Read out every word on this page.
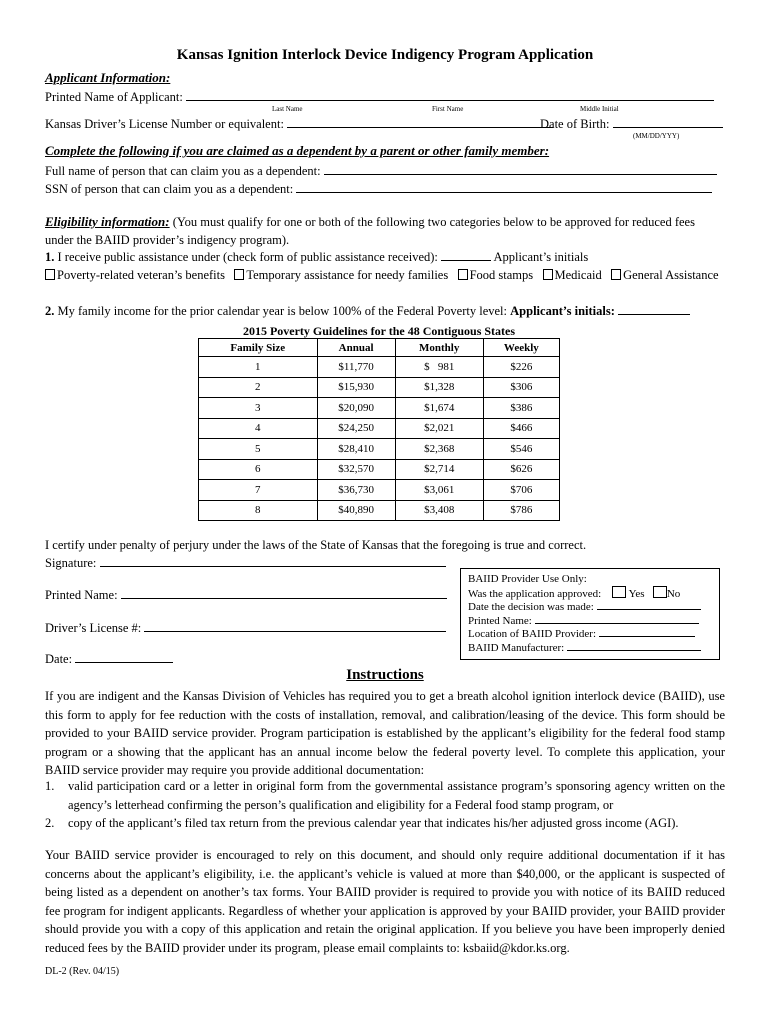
Kansas Ignition Interlock Device Indigency Program Application
Applicant Information:
Printed Name of Applicant:
Last Name	First Name	Middle Initial
Kansas Driver’s License Number or equivalent:	Date of Birth:
(MM/DD/YYY)
Complete the following if you are claimed as a dependent by a parent or other family member:
Full name of person that can claim you as a dependent:
SSN of person that can claim you as a dependent:
Eligibility information: (You must qualify for one or both of the following two categories below to be approved for reduced fees
under the BAIID provider’s indigency program).
1. I receive public assistance under (check form of public assistance received):	Applicant’s initials
Poverty-related veteran’s benefits Temporary assistance for needy families Food stamps Medicaid General Assistance
2. My family income for the prior calendar year is below 100% of the Federal Poverty level: Applicant’s initials:
2015 Poverty Guidelines for the 48 Contiguous States
Family Size	Annual	Monthly	Weekly
1	$11,770	$   981	$226
2	$15,930	$1,328	$306
3	$20,090	$1,674	$386
4	$24,250	$2,021	$466
5	$28,410	$2,368	$546
6	$32,570	$2,714	$626
7	$36,730	$3,061	$706
8	$40,890	$3,408	$786
I certify under penalty of perjury under the laws of the State of Kansas that the foregoing is true and correct.
Signature:
Printed Name:
Driver’s License #:
Date:
BAIID Provider Use Only:
Was the application approved: Yes No
Date the decision was made:
Printed Name:
Location of BAIID Provider:
BAIID Manufacturer:
Instructions
If you are indigent and the Kansas Division of Vehicles has required you to get a breath alcohol ignition interlock device (BAIID), use this form to apply for fee reduction with the costs of installation, removal, and calibration/leasing of the device. This form should be provided to your BAIID service provider. Program participation is established by the applicant’s eligibility for the federal food stamp program or a showing that the applicant has an annual income below the federal poverty level. To complete this application, your BAIID service provider may require you provide additional documentation:
1. valid participation card or a letter in original form from the governmental assistance program’s sponsoring agency written on the agency’s letterhead confirming the person’s qualification and eligibility for a Federal food stamp program, or
2. copy of the applicant’s filed tax return from the previous calendar year that indicates his/her adjusted gross income (AGI).
Your BAIID service provider is encouraged to rely on this document, and should only require additional documentation if it has concerns about the applicant’s eligibility, i.e. the applicant’s vehicle is valued at more than $40,000, or the applicant is suspected of being listed as a dependent on another’s tax forms. Your BAIID provider is required to provide you with notice of its BAIID reduced fee program for indigent applicants. Regardless of whether your application is approved by your BAIID provider, your BAIID provider should provide you with a copy of this application and retain the original application. If you believe you have been improperly denied reduced fees by the BAIID provider under its program, please email complaints to: ksbaiid@kdor.ks.org.
DL-2 (Rev. 04/15)
